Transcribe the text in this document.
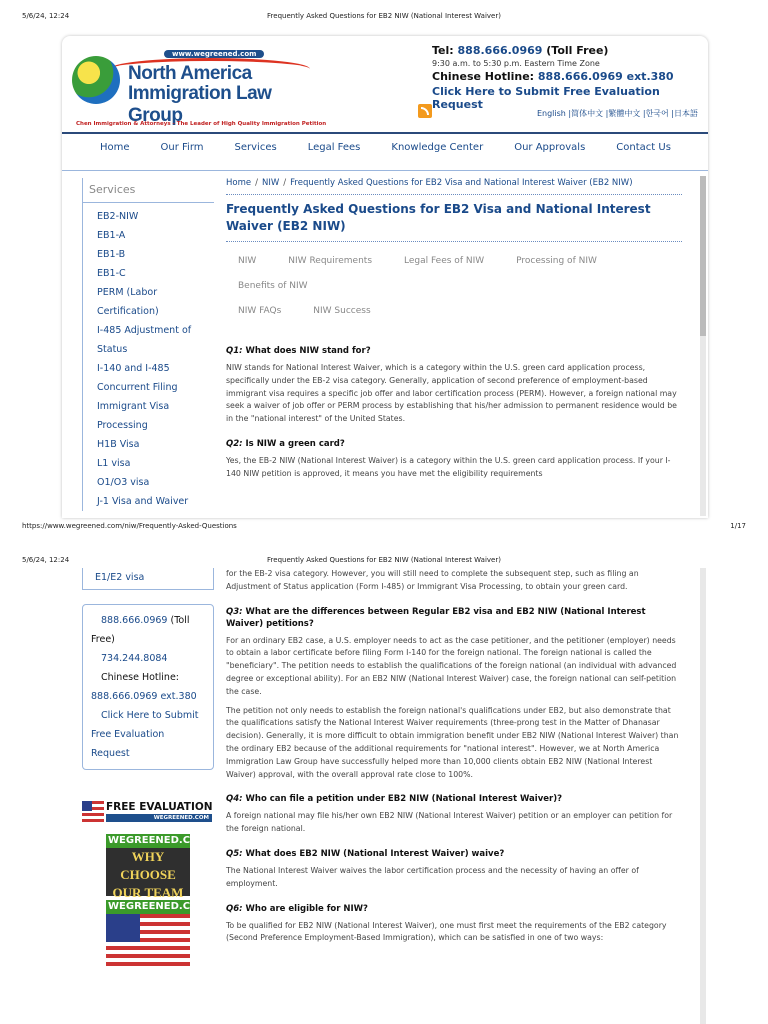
5/6/24, 12:24	Frequently Asked Questions for EB2 NIW (National Interest Waiver)
www.wegreened.com
North America
Immigration Law Group
Chen Immigration & Attorneys - The Leader of High Quality Immigration Petition
Tel: 888.666.0969 (Toll Free)
9:30 a.m. to 5:30 p.m. Eastern Time Zone
Chinese Hotline: 888.666.0969 ext.380
Click Here to Submit Free Evaluation Request
English |简体中文 |繁體中文 |한국어 |日本語
Home	Our Firm	Services	Legal Fees	Knowledge Center	Our Approvals	Contact Us
Services
EB2-NIW
EB1-A
EB1-B
EB1-C
PERM (Labor
Certification)
I-485 Adjustment of
Status
I-140 and I-485
Concurrent Filing
Immigrant Visa
Processing
H1B Visa
L1 visa
O1/O3 visa
J-1 Visa and Waiver
Home / NIW / Frequently Asked Questions for EB2 Visa and National Interest Waiver (EB2 NIW)
Frequently Asked Questions for EB2 Visa and National Interest Waiver (EB2 NIW)
NIW	NIW Requirements	Legal Fees of NIW	Processing of NIW
Benefits of NIW
NIW FAQs	NIW Success
Q1: What does NIW stand for?
NIW stands for National Interest Waiver, which is a category within the U.S. green card application process, specifically under the EB-2 visa category. Generally, application of second preference of employment-based immigrant visa requires a specific job offer and labor certification process (PERM). However, a foreign national may seek a waiver of job offer or PERM process by establishing that his/her admission to permanent residence would be in the "national interest" of the United States.
Q2: Is NIW a green card?
Yes, the EB-2 NIW (National Interest Waiver) is a category within the U.S. green card application process. If your I-140 NIW petition is approved, it means you have met the eligibility requirements
https://www.wegreened.com/niw/Frequently-Asked-Questions	1/17
5/6/24, 12:24	Frequently Asked Questions for EB2 NIW (National Interest Waiver)
E1/E2 visa
888.666.0969 (Toll
Free)
734.244.8084
Chinese Hotline:
888.666.0969 ext.380
Click Here to Submit
Free Evaluation
Request
FREE EVALUATION
WEGREENED.COM
WEGREENED.COM
WHY CHOOSE OUR TEAM
WEGREENED.COM
for the EB-2 visa category. However, you will still need to complete the subsequent step, such as filing an Adjustment of Status application (Form I-485) or Immigrant Visa Processing, to obtain your green card.
Q3: What are the differences between Regular EB2 visa and EB2 NIW (National Interest Waiver) petitions?
For an ordinary EB2 case, a U.S. employer needs to act as the case petitioner, and the petitioner (employer) needs to obtain a labor certificate before filing Form I-140 for the foreign national. The foreign national is called the "beneficiary". The petition needs to establish the qualifications of the foreign national (an individual with advanced degree or exceptional ability). For an EB2 NIW (National Interest Waiver) case, the foreign national can self-petition the case.
The petition not only needs to establish the foreign national's qualifications under EB2, but also demonstrate that the qualifications satisfy the National Interest Waiver requirements (three-prong test in the Matter of Dhanasar decision). Generally, it is more difficult to obtain immigration benefit under EB2 NIW (National Interest Waiver) than the ordinary EB2 because of the additional requirements for "national interest". However, we at North America Immigration Law Group have successfully helped more than 10,000 clients obtain EB2 NIW (National Interest Waiver) approval, with the overall approval rate close to 100%.
Q4: Who can file a petition under EB2 NIW (National Interest Waiver)?
A foreign national may file his/her own EB2 NIW (National Interest Waiver) petition or an employer can petition for the foreign national.
Q5: What does EB2 NIW (National Interest Waiver) waive?
The National Interest Waiver waives the labor certification process and the necessity of having an offer of employment.
Q6: Who are eligible for NIW?
To be qualified for EB2 NIW (National Interest Waiver), one must first meet the requirements of the EB2 category (Second Preference Employment-Based Immigration), which can be satisfied in one of two ways:
